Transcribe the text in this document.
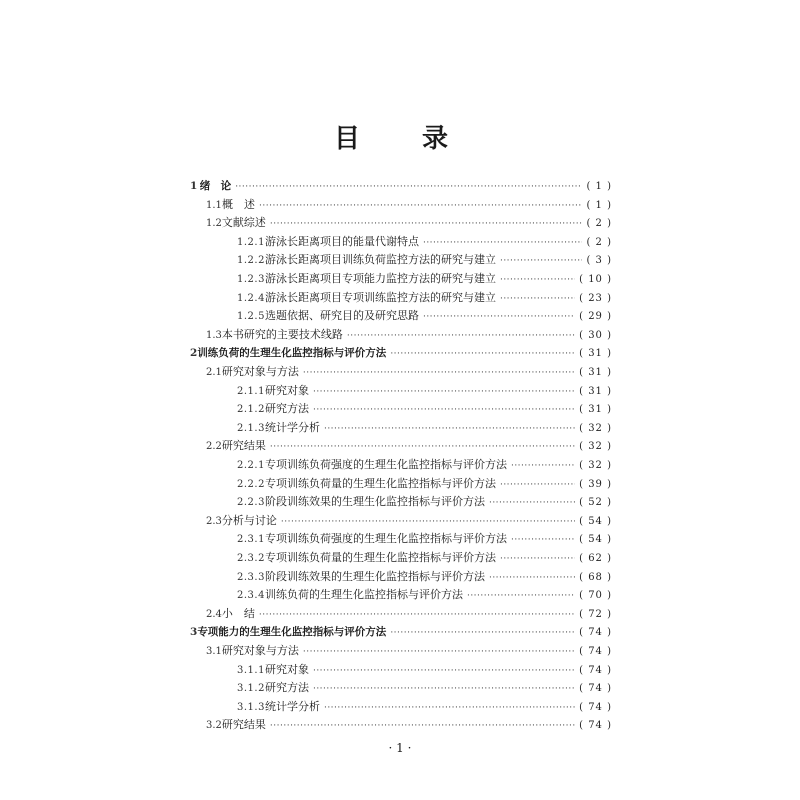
目　录
1 绪　论 ·····	( 1 )
1.1 概　述 ·····	( 1 )
1.2 文献综述 ·····	( 2 )
1.2.1 游泳长距离项目的能量代谢特点 ·····	( 2 )
1.2.2 游泳长距离项目训练负荷监控方法的研究与建立 ·····	( 3 )
1.2.3 游泳长距离项目专项能力监控方法的研究与建立 ·····	( 10 )
1.2.4 游泳长距离项目专项训练监控方法的研究与建立 ·····	( 23 )
1.2.5 选题依据、研究目的及研究思路 ·····	( 29 )
1.3 本书研究的主要技术线路 ·····	( 30 )
2 训练负荷的生理生化监控指标与评价方法 ·····	( 31 )
2.1 研究对象与方法 ·····	( 31 )
2.1.1 研究对象 ·····	( 31 )
2.1.2 研究方法 ·····	( 31 )
2.1.3 统计学分析 ·····	( 32 )
2.2 研究结果 ·····	( 32 )
2.2.1 专项训练负荷强度的生理生化监控指标与评价方法 ·····	( 32 )
2.2.2 专项训练负荷量的生理生化监控指标与评价方法 ·····	( 39 )
2.2.3 阶段训练效果的生理生化监控指标与评价方法 ·····	( 52 )
2.3 分析与讨论 ·····	( 54 )
2.3.1 专项训练负荷强度的生理生化监控指标与评价方法 ·····	( 54 )
2.3.2 专项训练负荷量的生理生化监控指标与评价方法 ·····	( 62 )
2.3.3 阶段训练效果的生理生化监控指标与评价方法 ·····	( 68 )
2.3.4 训练负荷的生理生化监控指标与评价方法 ·····	( 70 )
2.4 小　结 ·····	( 72 )
3 专项能力的生理生化监控指标与评价方法 ·····	( 74 )
3.1 研究对象与方法 ·····	( 74 )
3.1.1 研究对象 ·····	( 74 )
3.1.2 研究方法 ·····	( 74 )
3.1.3 统计学分析 ·····	( 74 )
3.2 研究结果 ·····	( 74 )
· 1 ·
